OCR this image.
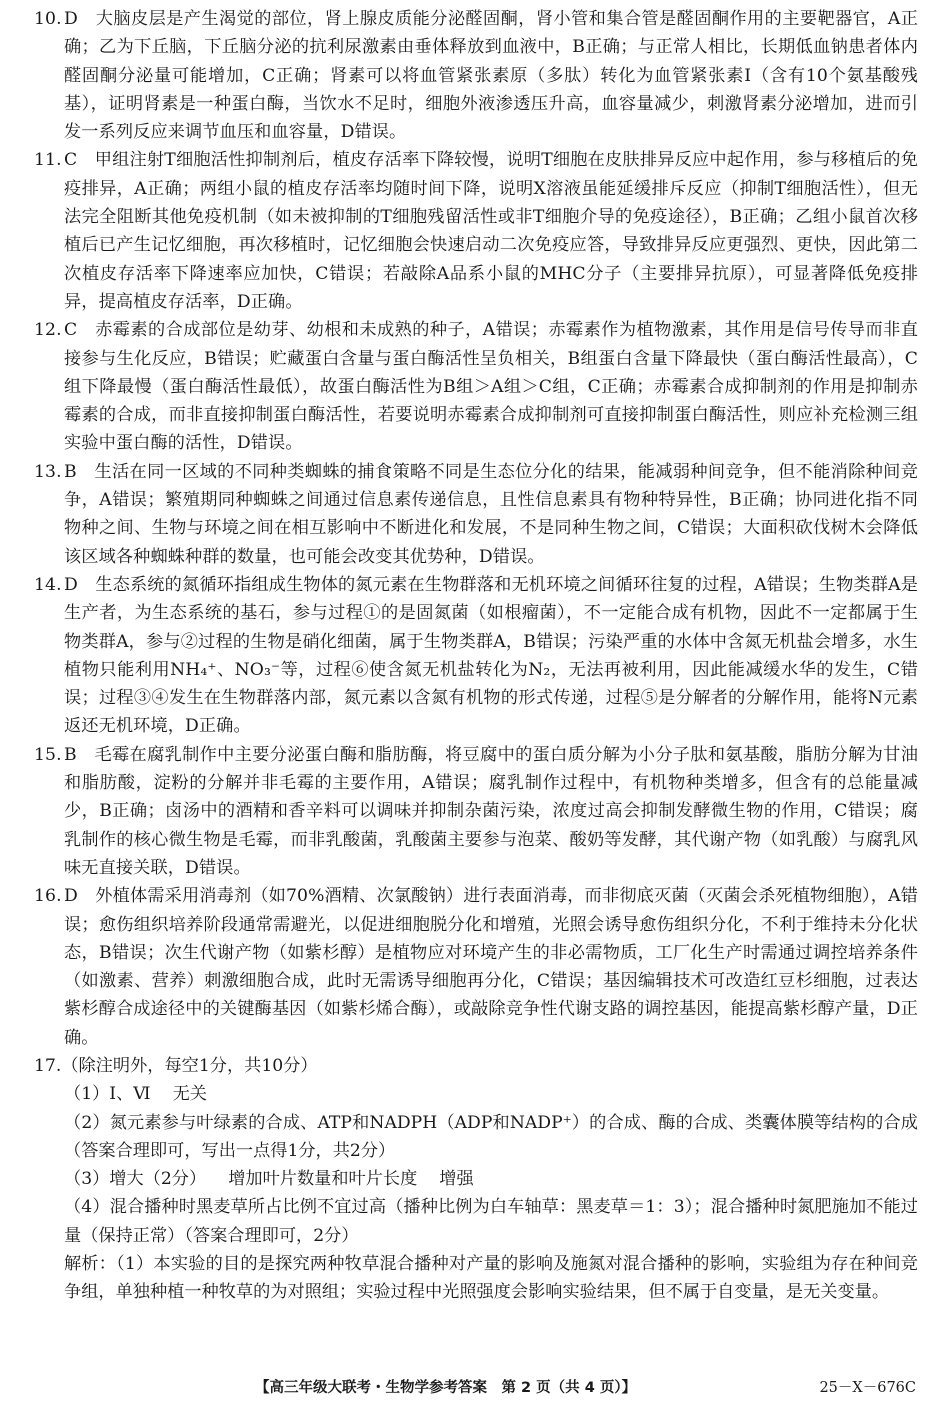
10. D　大脑皮层是产生渴觉的部位，肾上腺皮质能分泌醛固酮，肾小管和集合管是醛固酮作用的主要靶器官，A正确；乙为下丘脑，下丘脑分泌的抗利尿激素由垂体释放到血液中，B正确；与正常人相比，长期低血钠患者体内醛固酮分泌量可能增加，C正确；肾素可以将血管紧张素原（多肽）转化为血管紧张素Ⅰ（含有10个氨基酸残基），证明肾素是一种蛋白酶，当饮水不足时，细胞外液渗透压升高，血容量减少，刺激肾素分泌增加，进而引发一系列反应来调节血压和血容量，D错误。
11. C　甲组注射T细胞活性抑制剂后，植皮存活率下降较慢，说明T细胞在皮肤排异反应中起作用，参与移植后的免疫排异，A正确；两组小鼠的植皮存活率均随时间下降，说明X溶液虽能延缓排斥反应（抑制T细胞活性），但无法完全阻断其他免疫机制（如未被抑制的T细胞残留活性或非T细胞介导的免疫途径），B正确；乙组小鼠首次移植后已产生记忆细胞，再次移植时，记忆细胞会快速启动二次免疫应答，导致排异反应更强烈、更快，因此第二次植皮存活率下降速率应加快，C错误；若敲除A品系小鼠的MHC分子（主要排异抗原），可显著降低免疫排异，提高植皮存活率，D正确。
12. C　赤霉素的合成部位是幼芽、幼根和未成熟的种子，A错误；赤霉素作为植物激素，其作用是信号传导而非直接参与生化反应，B错误；贮藏蛋白含量与蛋白酶活性呈负相关，B组蛋白含量下降最快（蛋白酶活性最高），C组下降最慢（蛋白酶活性最低），故蛋白酶活性为B组＞A组＞C组，C正确；赤霉素合成抑制剂的作用是抑制赤霉素的合成，而非直接抑制蛋白酶活性，若要说明赤霉素合成抑制剂可直接抑制蛋白酶活性，则应补充检测三组实验中蛋白酶的活性，D错误。
13. B　生活在同一区域的不同种类蜘蛛的捕食策略不同是生态位分化的结果，能减弱种间竞争，但不能消除种间竞争，A错误；繁殖期同种蜘蛛之间通过信息素传递信息，且性信息素具有物种特异性，B正确；协同进化指不同物种之间、生物与环境之间在相互影响中不断进化和发展，不是同种生物之间，C错误；大面积砍伐树木会降低该区域各种蜘蛛种群的数量，也可能会改变其优势种，D错误。
14. D　生态系统的氮循环指组成生物体的氮元素在生物群落和无机环境之间循环往复的过程，A错误；生物类群A是生产者，为生态系统的基石，参与过程①的是固氮菌（如根瘤菌），不一定能合成有机物，因此不一定都属于生物类群A，参与②过程的生物是硝化细菌，属于生物类群A，B错误；污染严重的水体中含氮无机盐会增多，水生植物只能利用NH₄⁺、NO₃⁻等，过程⑥使含氮无机盐转化为N₂，无法再被利用，因此能减缓水华的发生，C错误；过程③④发生在生物群落内部，氮元素以含氮有机物的形式传递，过程⑤是分解者的分解作用，能将N元素返还无机环境，D正确。
15. B　毛霉在腐乳制作中主要分泌蛋白酶和脂肪酶，将豆腐中的蛋白质分解为小分子肽和氨基酸，脂肪分解为甘油和脂肪酸，淀粉的分解并非毛霉的主要作用，A错误；腐乳制作过程中，有机物种类增多，但含有的总能量减少，B正确；卤汤中的酒精和香辛料可以调味并抑制杂菌污染，浓度过高会抑制发酵微生物的作用，C错误；腐乳制作的核心微生物是毛霉，而非乳酸菌，乳酸菌主要参与泡菜、酸奶等发酵，其代谢产物（如乳酸）与腐乳风味无直接关联，D错误。
16. D　外植体需采用消毒剂（如70%酒精、次氯酸钠）进行表面消毒，而非彻底灭菌（灭菌会杀死植物细胞），A错误；愈伤组织培养阶段通常需避光，以促进细胞脱分化和增殖，光照会诱导愈伤组织分化，不利于维持未分化状态，B错误；次生代谢产物（如紫杉醇）是植物应对环境产生的非必需物质，工厂化生产时需通过调控培养条件（如激素、营养）刺激细胞合成，此时无需诱导细胞再分化，C错误；基因编辑技术可改造红豆杉细胞，过表达紫杉醇合成途径中的关键酶基因（如紫杉烯合酶），或敲除竞争性代谢支路的调控基因，能提高紫杉醇产量，D正确。
17.（除注明外，每空1分，共10分）
（1）Ⅰ、Ⅵ 无关
（2）氮元素参与叶绿素的合成、ATP和NADPH（ADP和NADP⁺）的合成、酶的合成、类囊体膜等结构的合成（答案合理即可，写出一点得1分，共2分）
（3）增大（2分） 增加叶片数量和叶片长度 增强
（4）混合播种时黑麦草所占比例不宜过高（播种比例为白车轴草：黑麦草＝1：3）；混合播种时氮肥施加不能过量（保持正常）（答案合理即可，2分）
解析：（1）本实验的目的是探究两种牧草混合播种对产量的影响及施氮对混合播种的影响，实验组为存在种间竞争组，单独种植一种牧草的为对照组；实验过程中光照强度会影响实验结果，但不属于自变量，是无关变量。
【高三年级大联考・生物学参考答案　第 2 页（共 4 页）】	25－X－676C
